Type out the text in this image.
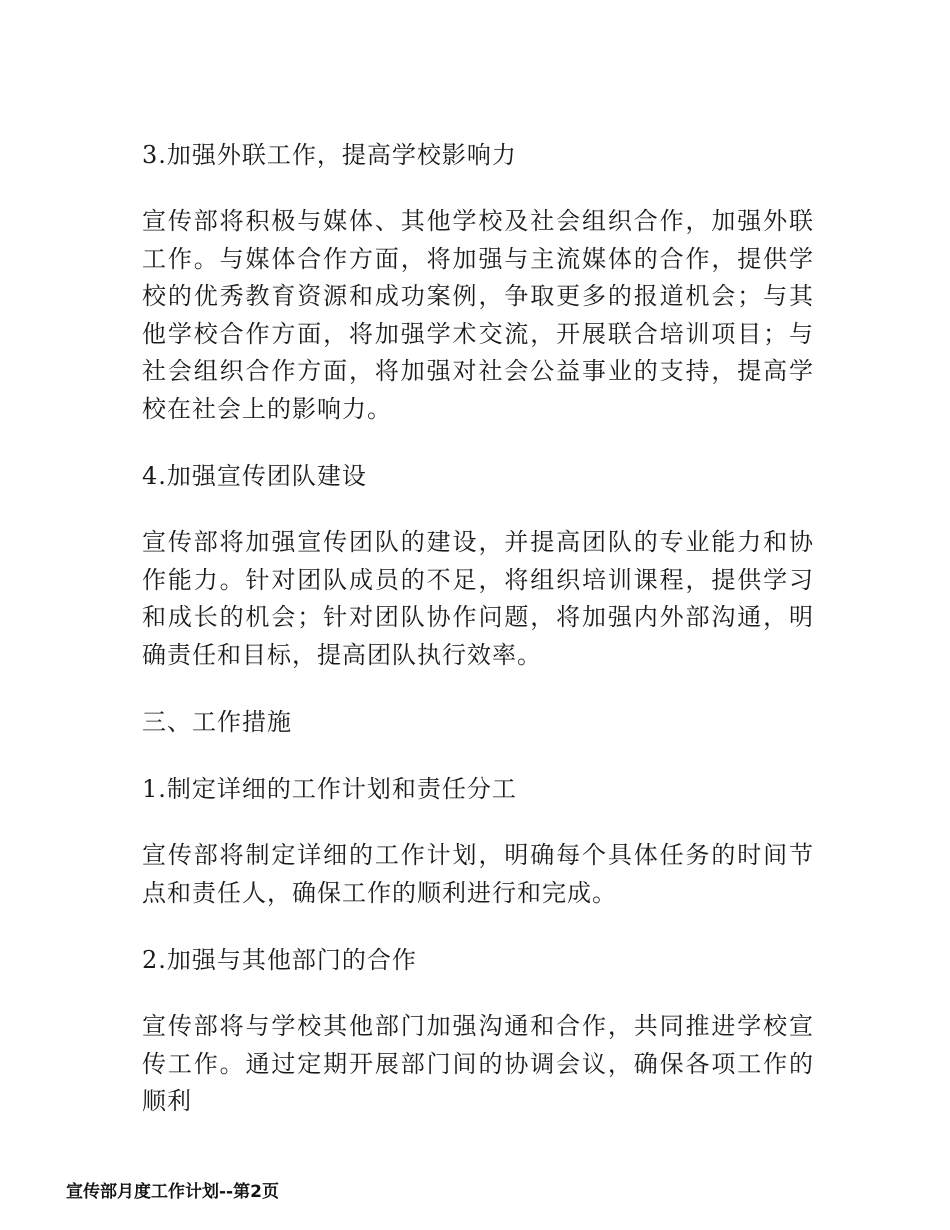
3.加强外联工作，提高学校影响力
宣传部将积极与媒体、其他学校及社会组织合作，加强外联工作。与媒体合作方面，将加强与主流媒体的合作，提供学校的优秀教育资源和成功案例，争取更多的报道机会；与其他学校合作方面，将加强学术交流，开展联合培训项目；与社会组织合作方面，将加强对社会公益事业的支持，提高学校在社会上的影响力。
4.加强宣传团队建设
宣传部将加强宣传团队的建设，并提高团队的专业能力和协作能力。针对团队成员的不足，将组织培训课程，提供学习和成长的机会；针对团队协作问题，将加强内外部沟通，明确责任和目标，提高团队执行效率。
三、工作措施
1.制定详细的工作计划和责任分工
宣传部将制定详细的工作计划，明确每个具体任务的时间节点和责任人，确保工作的顺利进行和完成。
2.加强与其他部门的合作
宣传部将与学校其他部门加强沟通和合作，共同推进学校宣传工作。通过定期开展部门间的协调会议，确保各项工作的顺利
宣传部月度工作计划--第2页
